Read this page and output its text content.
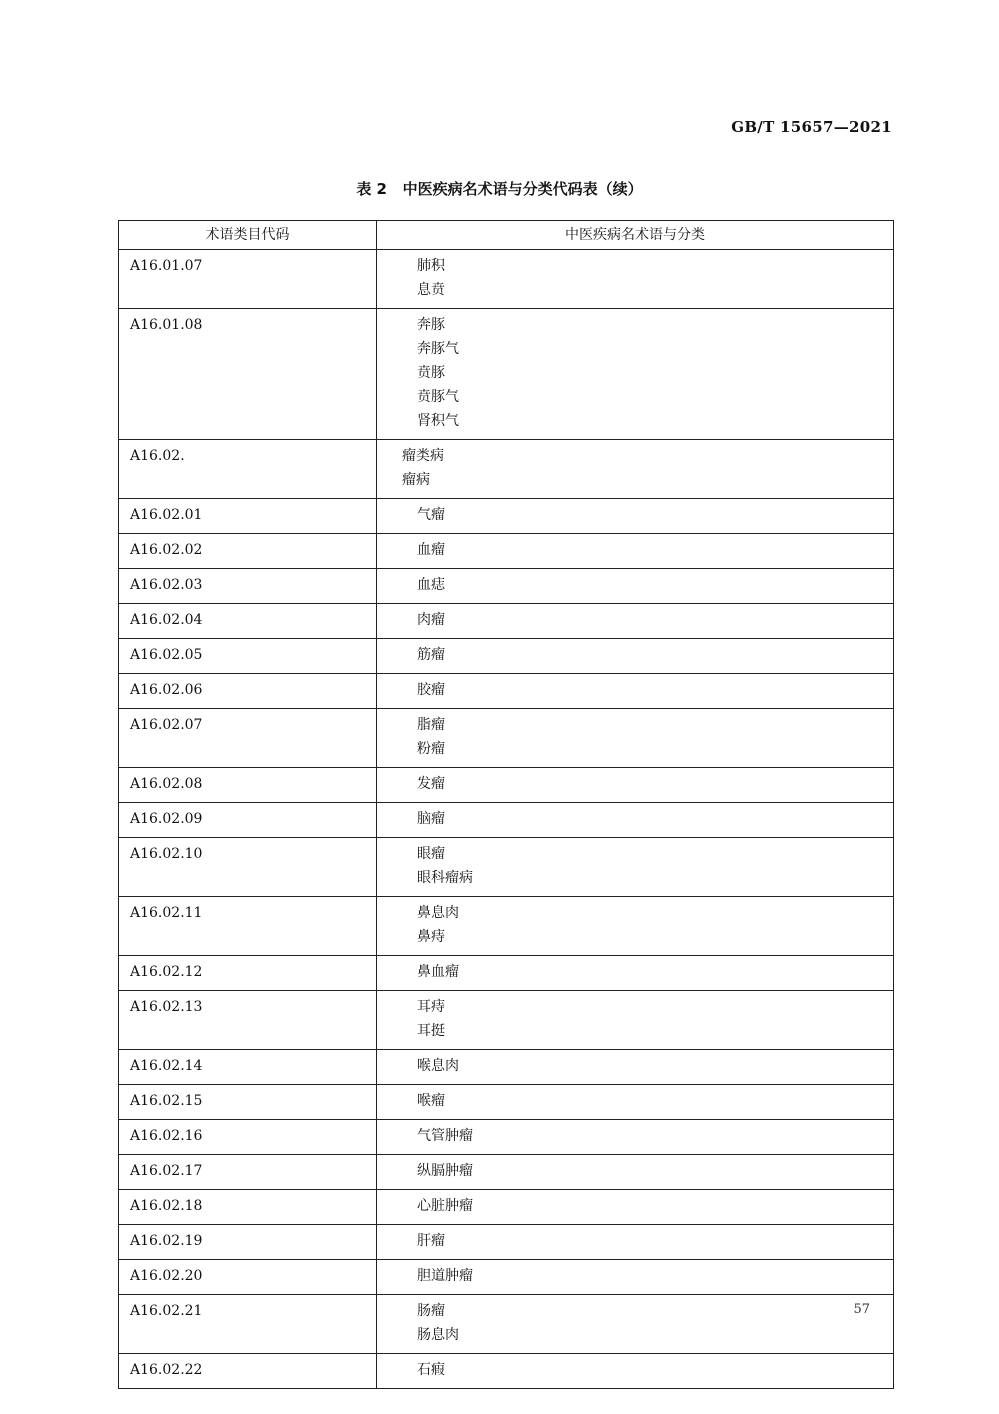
GB/T 15657—2021
表 2   中医疾病名术语与分类代码表（续）
术语类目代码	中医疾病名术语与分类
A16.01.07	肺积
息贲

A16.01.08	奔豚
奔豚气
贲豚
贲豚气
肾积气

A16.02.	瘤类病
瘤病

A16.02.01	气瘤

A16.02.02	血瘤

A16.02.03	血痣

A16.02.04	肉瘤

A16.02.05	筋瘤

A16.02.06	胶瘤

A16.02.07	脂瘤
粉瘤

A16.02.08	发瘤

A16.02.09	脑瘤

A16.02.10	眼瘤
眼科瘤病

A16.02.11	鼻息肉
鼻痔

A16.02.12	鼻血瘤

A16.02.13	耳痔
耳挺

A16.02.14	喉息肉

A16.02.15	喉瘤

A16.02.16	气管肿瘤

A16.02.17	纵膈肿瘤

A16.02.18	心脏肿瘤

A16.02.19	肝瘤

A16.02.20	胆道肿瘤

A16.02.21	肠瘤
肠息肉

A16.02.22	石瘕
57
